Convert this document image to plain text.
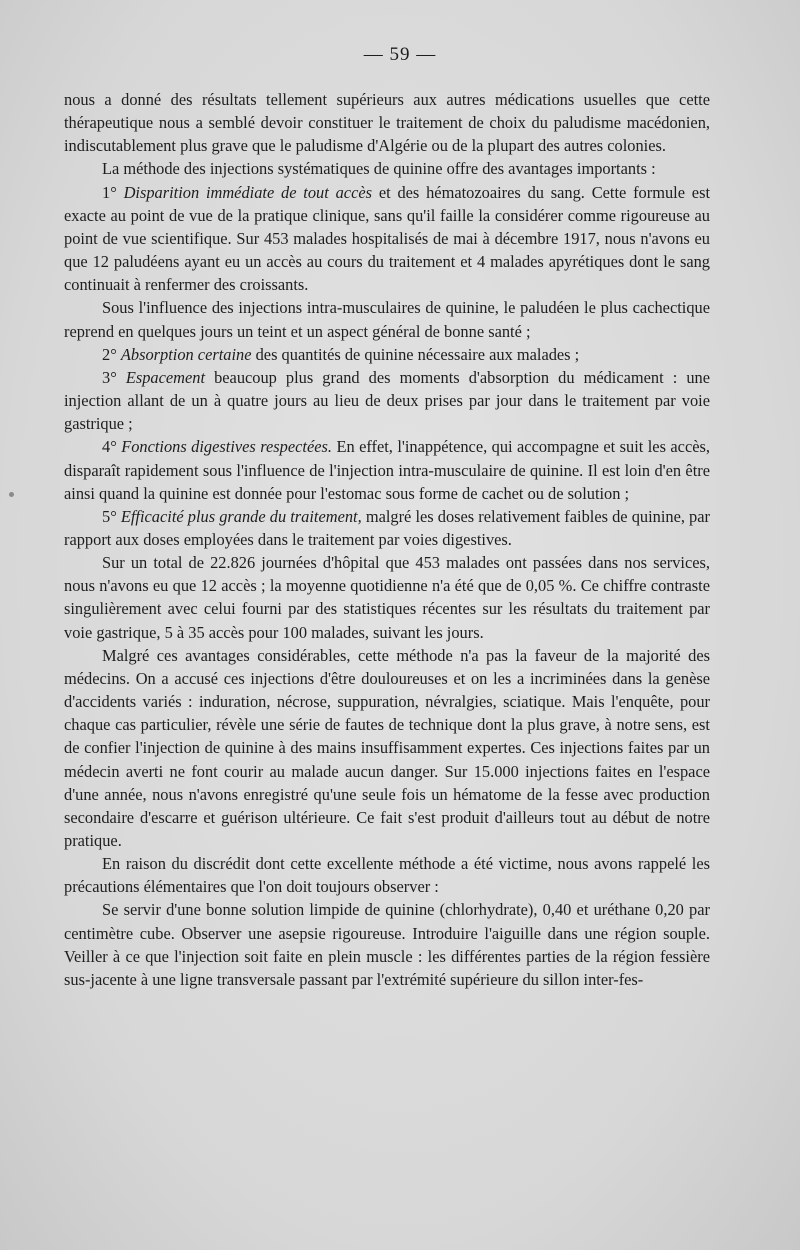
— 59 —

nous a donné des résultats tellement supérieurs aux autres médications usuelles que cette thérapeutique nous a semblé devoir constituer le traitement de choix du paludisme macédonien, indiscutablement plus grave que le paludisme d'Algérie ou de la plupart des autres colonies.

La méthode des injections systématiques de quinine offre des avantages importants :

1° Disparition immédiate de tout accès et des hématozoaires du sang. Cette formule est exacte au point de vue de la pratique clinique, sans qu'il faille la considérer comme rigoureuse au point de vue scientifique. Sur 453 malades hospitalisés de mai à décembre 1917, nous n'avons eu que 12 paludéens ayant eu un accès au cours du traitement et 4 malades apyrétiques dont le sang continuait à renfermer des croissants.

Sous l'influence des injections intra-musculaires de quinine, le paludéen le plus cachectique reprend en quelques jours un teint et un aspect général de bonne santé ;

2° Absorption certaine des quantités de quinine nécessaire aux malades ;

3° Espacement beaucoup plus grand des moments d'absorption du médicament : une injection allant de un à quatre jours au lieu de deux prises par jour dans le traitement par voie gastrique ;

4° Fonctions digestives respectées. En effet, l'inappétence, qui accompagne et suit les accès, disparaît rapidement sous l'influence de l'injection intra-musculaire de quinine. Il est loin d'en être ainsi quand la quinine est donnée pour l'estomac sous forme de cachet ou de solution ;

5° Efficacité plus grande du traitement, malgré les doses relativement faibles de quinine, par rapport aux doses employées dans le traitement par voies digestives.

Sur un total de 22.826 journées d'hôpital que 453 malades ont passées dans nos services, nous n'avons eu que 12 accès ; la moyenne quotidienne n'a été que de 0,05 %. Ce chiffre contraste singulièrement avec celui fourni par des statistiques récentes sur les résultats du traitement par voie gastrique, 5 à 35 accès pour 100 malades, suivant les jours.

Malgré ces avantages considérables, cette méthode n'a pas la faveur de la majorité des médecins. On a accusé ces injections d'être douloureuses et on les a incriminées dans la genèse d'accidents variés : induration, nécrose, suppuration, névralgies, sciatique. Mais l'enquête, pour chaque cas particulier, révèle une série de fautes de technique dont la plus grave, à notre sens, est de confier l'injection de quinine à des mains insuffisamment expertes. Ces injections faites par un médecin averti ne font courir au malade aucun danger. Sur 15.000 injections faites en l'espace d'une année, nous n'avons enregistré qu'une seule fois un hématome de la fesse avec production secondaire d'escarre et guérison ultérieure. Ce fait s'est produit d'ailleurs tout au début de notre pratique.

En raison du discrédit dont cette excellente méthode a été victime, nous avons rappelé les précautions élémentaires que l'on doit toujours observer :

Se servir d'une bonne solution limpide de quinine (chlorhydrate), 0,40 et uréthane 0,20 par centimètre cube. Observer une asepsie rigoureuse. Introduire l'aiguille dans une région souple. Veiller à ce que l'injection soit faite en plein muscle : les différentes parties de la région fessière sus-jacente à une ligne transversale passant par l'extrémité supérieure du sillon inter-fes-
